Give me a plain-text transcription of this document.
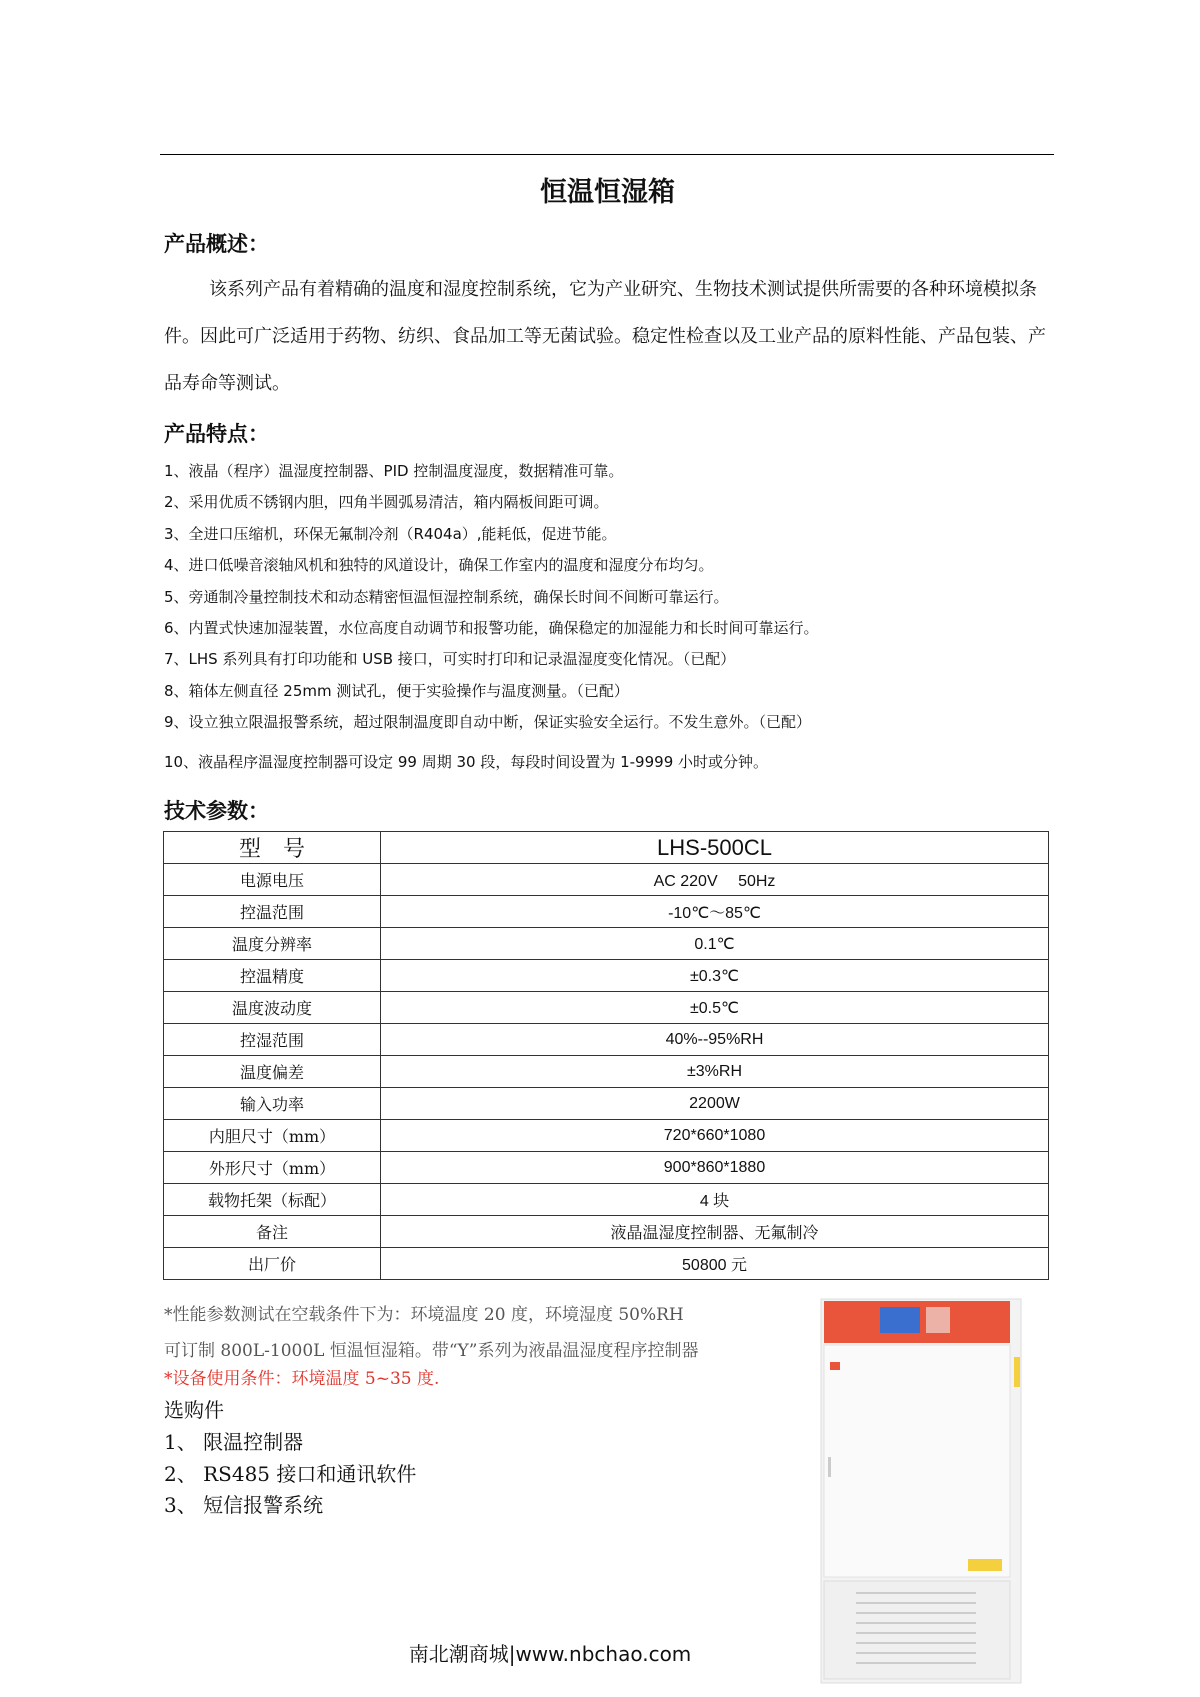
恒温恒湿箱
产品概述：
该系列产品有着精确的温度和湿度控制系统，它为产业研究、生物技术测试提供所需要的各种环境模拟条件。因此可广泛适用于药物、纺织、食品加工等无菌试验。稳定性检查以及工业产品的原料性能、产品包装、产品寿命等测试。
产品特点：
1、液晶（程序）温湿度控制器、PID 控制温度湿度，数据精准可靠。
2、采用优质不锈钢内胆，四角半圆弧易清洁，箱内隔板间距可调。
3、全进口压缩机，环保无氟制冷剂（R404a）,能耗低，促进节能。
4、进口低噪音滚轴风机和独特的风道设计，确保工作室内的温度和湿度分布均匀。
5、旁通制冷量控制技术和动态精密恒温恒湿控制系统，确保长时间不间断可靠运行。
6、内置式快速加湿装置，水位高度自动调节和报警功能，确保稳定的加湿能力和长时间可靠运行。
7、LHS 系列具有打印功能和 USB 接口，可实时打印和记录温湿度变化情况。（已配）
8、箱体左侧直径 25mm 测试孔，便于实验操作与温度测量。（已配）
9、设立独立限温报警系统，超过限制温度即自动中断，保证实验安全运行。不发生意外。（已配）
10、液晶程序温湿度控制器可设定 99 周期 30 段，每段时间设置为 1-9999 小时或分钟。
技术参数：
型　号	LHS-500CL
电源电压	AC 220V　 50Hz
控温范围	-10℃～85℃
温度分辨率	0.1℃
控温精度	±0.3℃
温度波动度	±0.5℃
控湿范围	40%--95%RH
温度偏差	±3%RH
输入功率	2200W
内胆尺寸（mm）	720*660*1080
外形尺寸（mm）	900*860*1880
载物托架（标配）	4 块
备注	液晶温湿度控制器、无氟制冷
出厂价	50800 元
*性能参数测试在空载条件下为：环境温度 20 度，环境湿度 50%RH
可订制 800L-1000L 恒温恒湿箱。带“Y”系列为液晶温湿度程序控制器
*设备使用条件：环境温度 5~35 度.
选购件
1、 限温控制器
2、 RS485 接口和通讯软件
3、 短信报警系统
南北潮商城|www.nbchao.com
